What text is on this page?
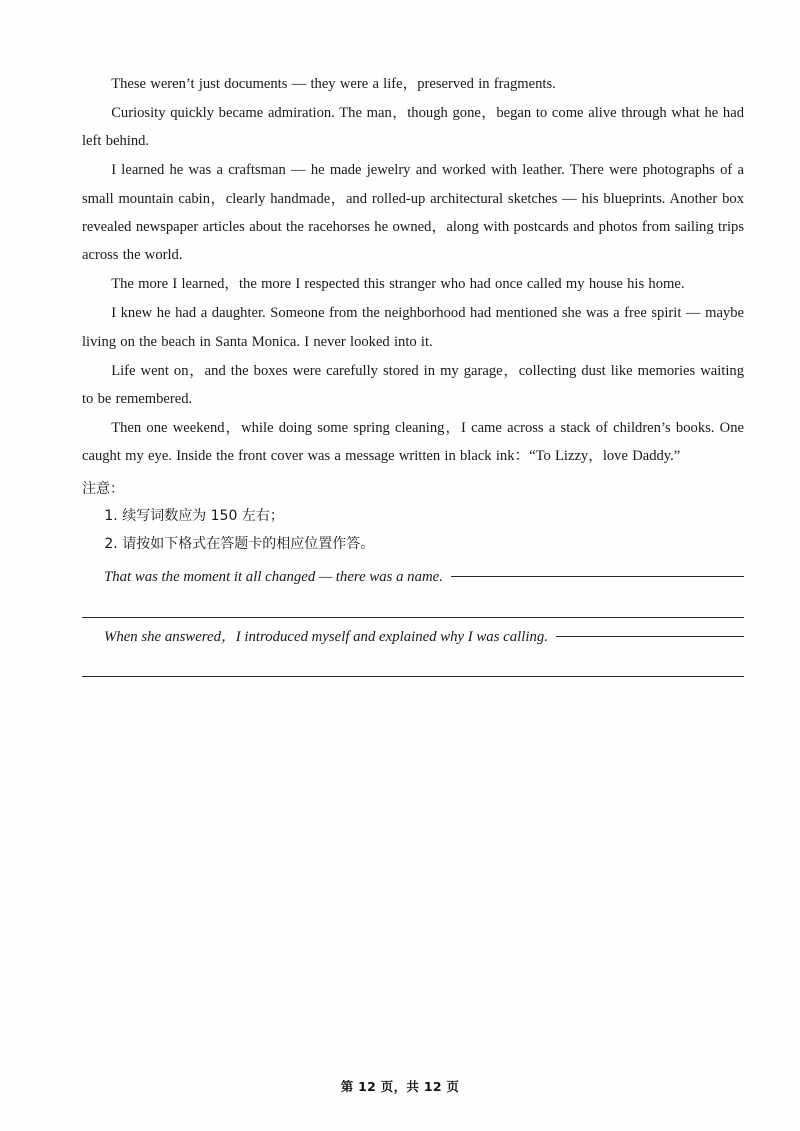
These weren’t just documents — they were a life，preserved in fragments.

Curiosity quickly became admiration. The man，though gone，began to come alive through what he had left behind.

I learned he was a craftsman — he made jewelry and worked with leather. There were photographs of a small mountain cabin，clearly handmade，and rolled-up architectural sketches — his blueprints. Another box revealed newspaper articles about the racehorses he owned，along with postcards and photos from sailing trips across the world.

The more I learned，the more I respected this stranger who had once called my house his home.

I knew he had a daughter. Someone from the neighborhood had mentioned she was a free spirit — maybe living on the beach in Santa Monica. I never looked into it.

Life went on，and the boxes were carefully stored in my garage，collecting dust like memories waiting to be remembered.

Then one weekend，while doing some spring cleaning，I came across a stack of children’s books. One caught my eye. Inside the front cover was a message written in black ink：“To Lizzy，love Daddy.”

注意：

1. 续写词数应为 150 左右；

2. 请按如下格式在答题卡的相应位置作答。

That was the moment it all changed — there was a name.
When she answered，I introduced myself and explained why I was calling.
第 12 页，共 12 页
